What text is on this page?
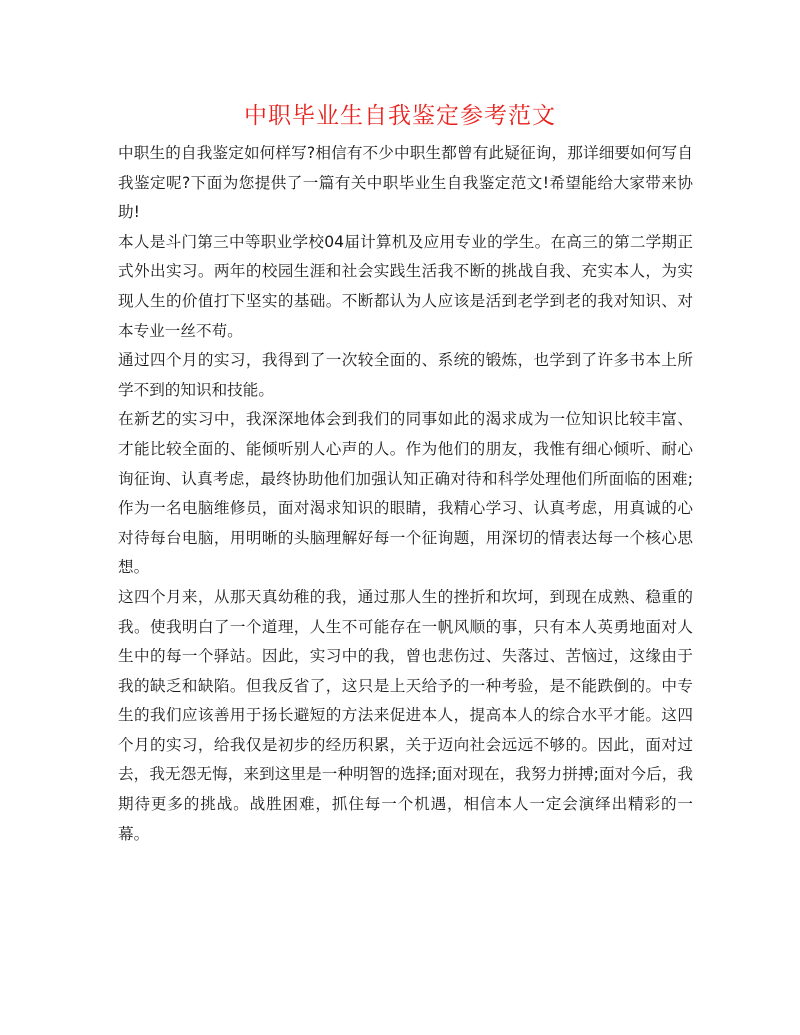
中职毕业生自我鉴定参考范文

中职生的自我鉴定如何样写?相信有不少中职生都曾有此疑征询，那详细要如何写自我鉴定呢?下面为您提供了一篇有关中职毕业生自我鉴定范文!希望能给大家带来协助!

本人是斗门第三中等职业学校04届计算机及应用专业的学生。在高三的第二学期正式外出实习。两年的校园生涯和社会实践生活我不断的挑战自我、充实本人，为实现人生的价值打下坚实的基础。不断都认为人应该是活到老学到老的我对知识、对本专业一丝不苟。

通过四个月的实习，我得到了一次较全面的、系统的锻炼，也学到了许多书本上所学不到的知识和技能。

在新艺的实习中，我深深地体会到我们的同事如此的渴求成为一位知识比较丰富、才能比较全面的、能倾听别人心声的人。作为他们的朋友，我惟有细心倾听、耐心询征询、认真考虑，最终协助他们加强认知正确对待和科学处理他们所面临的困难;作为一名电脑维修员，面对渴求知识的眼睛，我精心学习、认真考虑，用真诚的心对待每台电脑，用明晰的头脑理解好每一个征询题，用深切的情表达每一个核心思想。

这四个月来，从那天真幼稚的我，通过那人生的挫折和坎坷，到现在成熟、稳重的我。使我明白了一个道理，人生不可能存在一帆风顺的事，只有本人英勇地面对人生中的每一个驿站。因此，实习中的我，曾也悲伤过、失落过、苦恼过，这缘由于我的缺乏和缺陷。但我反省了，这只是上天给予的一种考验，是不能跌倒的。中专生的我们应该善用于扬长避短的方法来促进本人，提高本人的综合水平才能。这四个月的实习，给我仅是初步的经历积累，关于迈向社会远远不够的。因此，面对过去，我无怨无悔，来到这里是一种明智的选择;面对现在，我努力拼搏;面对今后，我期待更多的挑战。战胜困难，抓住每一个机遇，相信本人一定会演绎出精彩的一幕。
